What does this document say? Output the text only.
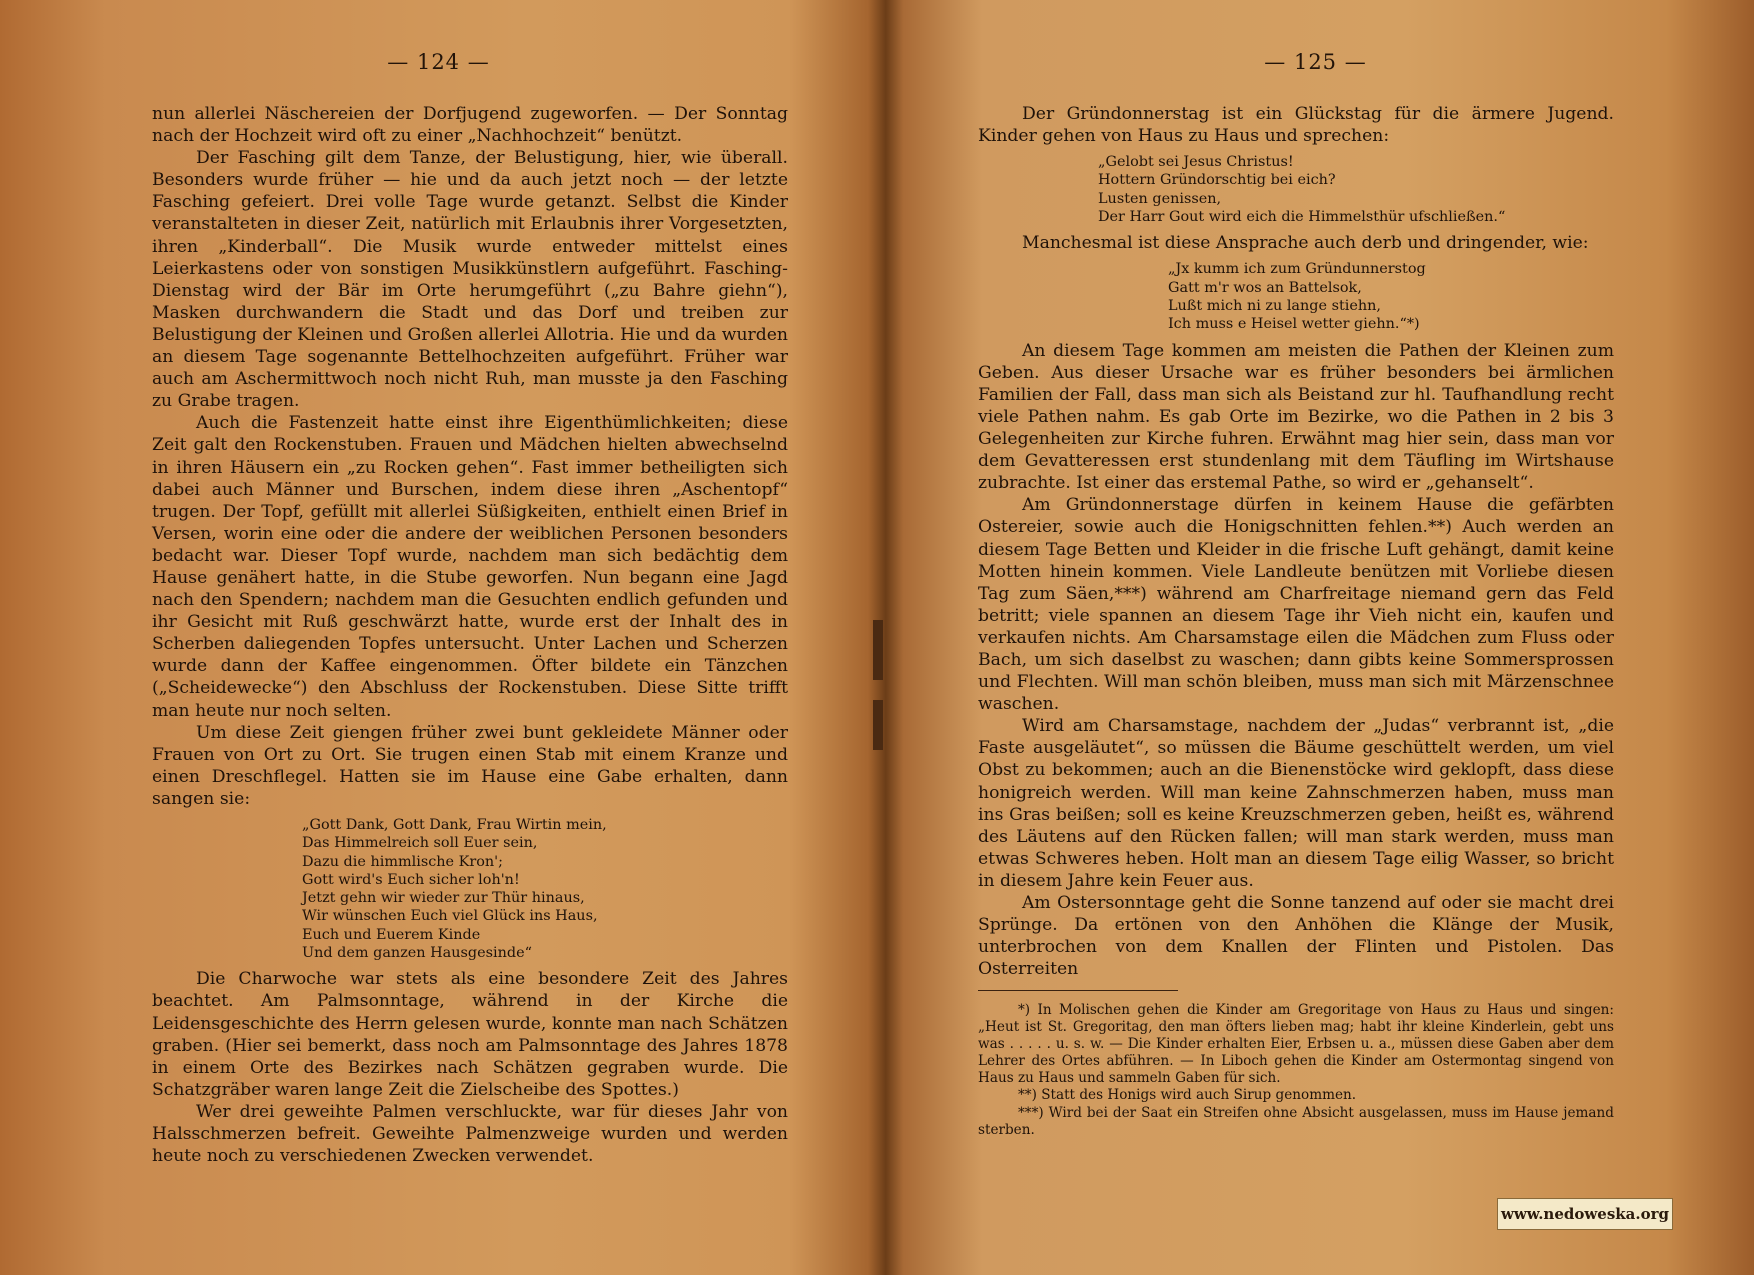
— 124 —

nun allerlei Näschereien der Dorfjugend zugeworfen. — Der Sonntag nach der Hochzeit wird oft zu einer „Nachhochzeit“ benützt.

Der Fasching gilt dem Tanze, der Belustigung, hier, wie überall. Besonders wurde früher — hie und da auch jetzt noch — der letzte Fasching gefeiert. Drei volle Tage wurde getanzt. Selbst die Kinder veranstalteten in dieser Zeit, natürlich mit Erlaubnis ihrer Vorgesetzten, ihren „Kinderball“. Die Musik wurde entweder mittelst eines Leierkastens oder von sonstigen Musikkünstlern aufgeführt. Fasching-Dienstag wird der Bär im Orte herumgeführt („zu Bahre giehn“), Masken durchwandern die Stadt und das Dorf und treiben zur Belustigung der Kleinen und Großen allerlei Allotria. Hie und da wurden an diesem Tage sogenannte Bettelhochzeiten aufgeführt. Früher war auch am Aschermittwoch noch nicht Ruh, man musste ja den Fasching zu Grabe tragen.

Auch die Fastenzeit hatte einst ihre Eigenthümlichkeiten; diese Zeit galt den Rockenstuben. Frauen und Mädchen hielten abwechselnd in ihren Häusern ein „zu Rocken gehen“. Fast immer betheiligten sich dabei auch Männer und Burschen, indem diese ihren „Aschentopf“ trugen. Der Topf, gefüllt mit allerlei Süßigkeiten, enthielt einen Brief in Versen, worin eine oder die andere der weiblichen Personen besonders bedacht war. Dieser Topf wurde, nachdem man sich bedächtig dem Hause genähert hatte, in die Stube geworfen. Nun begann eine Jagd nach den Spendern; nachdem man die Gesuchten endlich gefunden und ihr Gesicht mit Ruß geschwärzt hatte, wurde erst der Inhalt des in Scherben daliegenden Topfes untersucht. Unter Lachen und Scherzen wurde dann der Kaffee eingenommen. Öfter bildete ein Tänzchen („Scheidewecke“) den Abschluss der Rockenstuben. Diese Sitte trifft man heute nur noch selten.

Um diese Zeit giengen früher zwei bunt gekleidete Männer oder Frauen von Ort zu Ort. Sie trugen einen Stab mit einem Kranze und einen Dreschflegel. Hatten sie im Hause eine Gabe erhalten, dann sangen sie:

„Gott Dank, Gott Dank, Frau Wirtin mein,
Das Himmelreich soll Euer sein,
Dazu die himmlische Kron';
Gott wird's Euch sicher loh'n!
Jetzt gehn wir wieder zur Thür hinaus,
Wir wünschen Euch viel Glück ins Haus,
Euch und Euerem Kinde
Und dem ganzen Hausgesinde“

Die Charwoche war stets als eine besondere Zeit des Jahres beachtet. Am Palmsonntage, während in der Kirche die Leidensgeschichte des Herrn gelesen wurde, konnte man nach Schätzen graben. (Hier sei bemerkt, dass noch am Palmsonntage des Jahres 1878 in einem Orte des Bezirkes nach Schätzen gegraben wurde. Die Schatzgräber waren lange Zeit die Zielscheibe des Spottes.)

Wer drei geweihte Palmen verschluckte, war für dieses Jahr von Halsschmerzen befreit. Geweihte Palmenzweige wurden und werden heute noch zu verschiedenen Zwecken verwendet.

— 125 —

Der Gründonnerstag ist ein Glückstag für die ärmere Jugend. Kinder gehen von Haus zu Haus und sprechen:

„Gelobt sei Jesus Christus!
Hottern Gründorschtig bei eich?
Lusten genissen,
Der Harr Gout wird eich die Himmelsthür ufschließen.“

Manchesmal ist diese Ansprache auch derb und dringender, wie:

„Jx kumm ich zum Gründunnerstog
Gatt m'r wos an Battelsok,
Lußt mich ni zu lange stiehn,
Ich muss e Heisel wetter giehn.“*)

An diesem Tage kommen am meisten die Pathen der Kleinen zum Geben. Aus dieser Ursache war es früher besonders bei ärmlichen Familien der Fall, dass man sich als Beistand zur hl. Taufhandlung recht viele Pathen nahm. Es gab Orte im Bezirke, wo die Pathen in 2 bis 3 Gelegenheiten zur Kirche fuhren. Erwähnt mag hier sein, dass man vor dem Gevatteressen erst stundenlang mit dem Täufling im Wirtshause zubrachte. Ist einer das erstemal Pathe, so wird er „gehanselt“.

Am Gründonnerstage dürfen in keinem Hause die gefärbten Ostereier, sowie auch die Honigschnitten fehlen.**) Auch werden an diesem Tage Betten und Kleider in die frische Luft gehängt, damit keine Motten hinein kommen. Viele Landleute benützen mit Vorliebe diesen Tag zum Säen,***) während am Charfreitage niemand gern das Feld betritt; viele spannen an diesem Tage ihr Vieh nicht ein, kaufen und verkaufen nichts. Am Charsamstage eilen die Mädchen zum Fluss oder Bach, um sich daselbst zu waschen; dann gibts keine Sommersprossen und Flechten. Will man schön bleiben, muss man sich mit Märzenschnee waschen.

Wird am Charsamstage, nachdem der „Judas“ verbrannt ist, „die Faste ausgeläutet“, so müssen die Bäume geschüttelt werden, um viel Obst zu bekommen; auch an die Bienenstöcke wird geklopft, dass diese honigreich werden. Will man keine Zahnschmerzen haben, muss man ins Gras beißen; soll es keine Kreuzschmerzen geben, heißt es, während des Läutens auf den Rücken fallen; will man stark werden, muss man etwas Schweres heben. Holt man an diesem Tage eilig Wasser, so bricht in diesem Jahre kein Feuer aus.

Am Ostersonntage geht die Sonne tanzend auf oder sie macht drei Sprünge. Da ertönen von den Anhöhen die Klänge der Musik, unterbrochen von dem Knallen der Flinten und Pistolen. Das Osterreiten

*) In Molischen gehen die Kinder am Gregoritage von Haus zu Haus und singen: „Heut ist St. Gregoritag, den man öfters lieben mag; habt ihr kleine Kinderlein, gebt uns was . . . . . u. s. w. — Die Kinder erhalten Eier, Erbsen u. a., müssen diese Gaben aber dem Lehrer des Ortes abführen. — In Liboch gehen die Kinder am Ostermontag singend von Haus zu Haus und sammeln Gaben für sich.

**) Statt des Honigs wird auch Sirup genommen.

***) Wird bei der Saat ein Streifen ohne Absicht ausgelassen, muss im Hause jemand sterben.

www.nedoweska.org
